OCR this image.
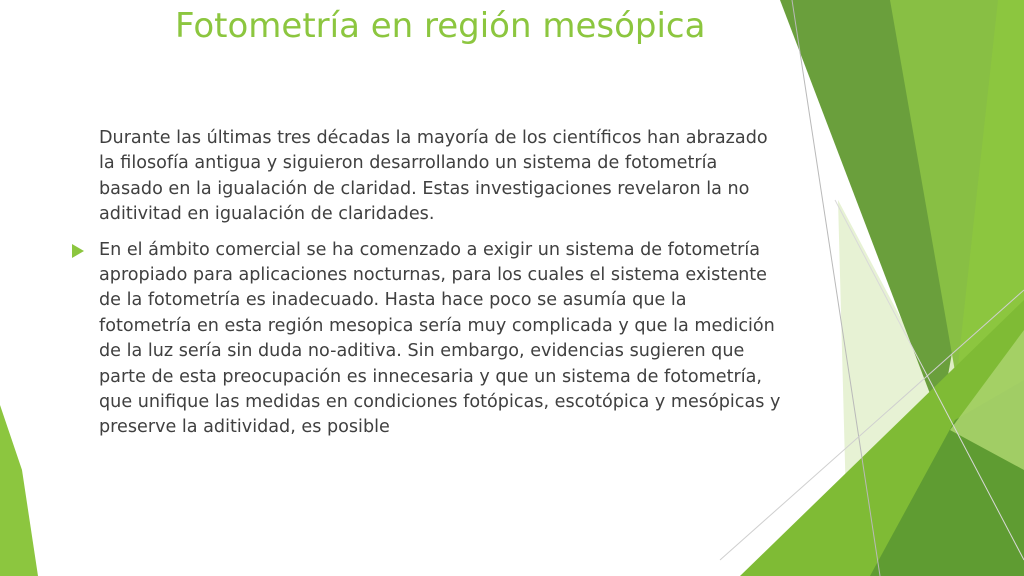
Fotometría en región mesópica

Durante las últimas tres décadas la mayoría de los científicos han abrazado la filosofía antigua y siguieron desarrollando un sistema de fotometría basado en la igualación de claridad. Estas investigaciones revelaron la no aditivitad en igualación de claridades.

En el ámbito comercial se ha comenzado a exigir un sistema de fotometría apropiado para aplicaciones nocturnas, para los cuales el sistema existente de la fotometría es inadecuado. Hasta hace poco se asumía que la fotometría en esta región mesopica sería muy complicada y que la medición de la luz sería sin duda no-aditiva. Sin embargo, evidencias sugieren que parte de esta preocupación es innecesaria y que un sistema de fotometría, que unifique las medidas en condiciones fotópicas, escotópica y mesópicas y preserve la aditividad, es posible
